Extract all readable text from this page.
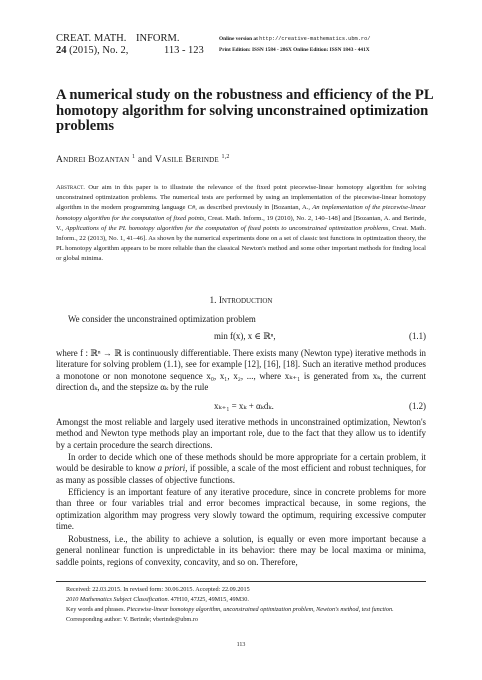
CREAT. MATH. INFORM.
24 (2015), No. 2,	113 - 123
Online version at http://creative-mathematics.ubm.ro/
Print Edition: ISSN 1584 - 286X Online Edition: ISSN 1843 - 441X
A numerical study on the robustness and efficiency of the PL homotopy algorithm for solving unconstrained optimization problems
Andrei Bozantan $^1$ and Vasile Berinde $^{1,2}$
Abstract. Our aim in this paper is to illustrate the relevance of the fixed point piecewise-linear homotopy algorithm for solving unconstrained optimization problems. The numerical tests are performed by using an implementation of the piecewise-linear homotopy algorithm in the modern programming language C#, as described previously in [Bozantan, A., An implementation of the piecewise-linear homotopy algorithm for the computation of fixed points, Creat. Math. Inform., 19 (2010), No. 2, 140–148] and [Bozantan, A. and Berinde, V., Applications of the PL homotopy algorithm for the computation of fixed points to unconstrained optimization problems, Creat. Math. Inform., 22 (2013), No. 1, 41–46]. As shown by the numerical experiments done on a set of classic test functions in optimization theory, the PL homotopy algorithm appears to be more reliable than the classical Newton's method and some other important methods for finding local or global minima.
1. Introduction
We consider the unconstrained optimization problem
min f(x), x ∈ ℝⁿ,	(1.1)
where f : ℝⁿ → ℝ is continuously differentiable. There exists many (Newton type) iterative methods in literature for solving problem (1.1), see for example [12], [16], [18]. Such an iterative method produces a monotone or non monotone sequence x₀, x₁, x₂, ..., where xₖ₊₁ is generated from xₖ, the current direction dₖ, and the stepsize αₖ by the rule
xₖ₊₁ = xₖ + αₖdₖ.	(1.2)
Amongst the most reliable and largely used iterative methods in unconstrained optimization, Newton's method and Newton type methods play an important role, due to the fact that they allow us to identify by a certain procedure the search directions.
In order to decide which one of these methods should be more appropriate for a certain problem, it would be desirable to know a priori, if possible, a scale of the most efficient and robust techniques, for as many as possible classes of objective functions.
Efficiency is an important feature of any iterative procedure, since in concrete problems for more than three or four variables trial and error becomes impractical because, in some regions, the optimization algorithm may progress very slowly toward the optimum, requiring excessive computer time.
Robustness, i.e., the ability to achieve a solution, is equally or even more important because a general nonlinear function is unpredictable in its behavior: there may be local maxima or minima, saddle points, regions of convexity, concavity, and so on. Therefore,
Received: 22.03.2015. In revised form: 30.06.2015. Accepted: 22.09.2015
2010 Mathematics Subject Classification. 47H10, 47J25, 49M15, 49M30.
Key words and phrases. Piecewise-linear homotopy algorithm, unconstrained optimization problem, Newton's method, test function.
Corresponding author: V. Berinde; vberinde@ubm.ro
113
